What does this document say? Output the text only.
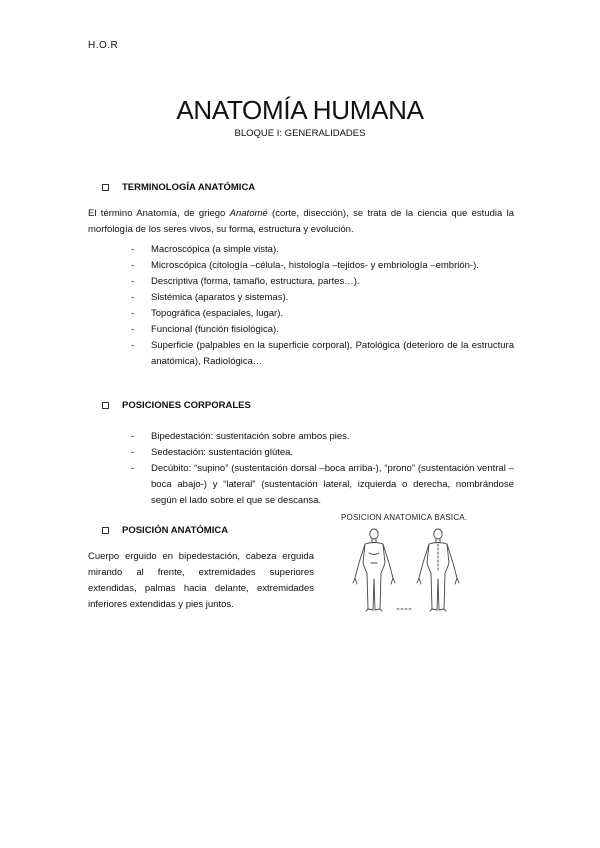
H.O.R
ANATOMÍA HUMANA
BLOQUE I: GENERALIDADES
TERMINOLOGÍA ANATÓMICA
El término Anatomía, de griego Anatomé (corte, disección), se trata de la ciencia que estudia la morfología de los seres vivos, su forma, estructura y evolución.
- Macroscópica (a simple vista).
- Microscópica (citología –célula-, histología –tejidos- y embriología –embrión-).
- Descriptiva (forma, tamaño, estructura, partes…).
- Sistémica (aparatos y sistemas).
- Topográfica (espaciales, lugar).
- Funcional (función fisiológica).
- Superficie (palpables en la superficie corporal), Patológica (deterioro de la estructura anatómica), Radiológica…
POSICIONES CORPORALES
- Bipedestación: sustentación sobre ambos pies.
- Sedestación: sustentación glútea.
- Decúbito: “supino” (sustentación dorsal –boca arriba-), “prono” (sustentación ventral –boca abajo-) y “lateral” (sustentación lateral, izquierda o derecha, nombrándose según el lado sobre el que se descansa.
POSICIÓN ANATÓMICA
Cuerpo erguido en bipedestación, cabeza erguida mirando al frente, extremidades superiores extendidas, palmas hacia delante, extremidades inferiores extendidas y pies juntos.
POSICION ANATOMICA BASICA.
